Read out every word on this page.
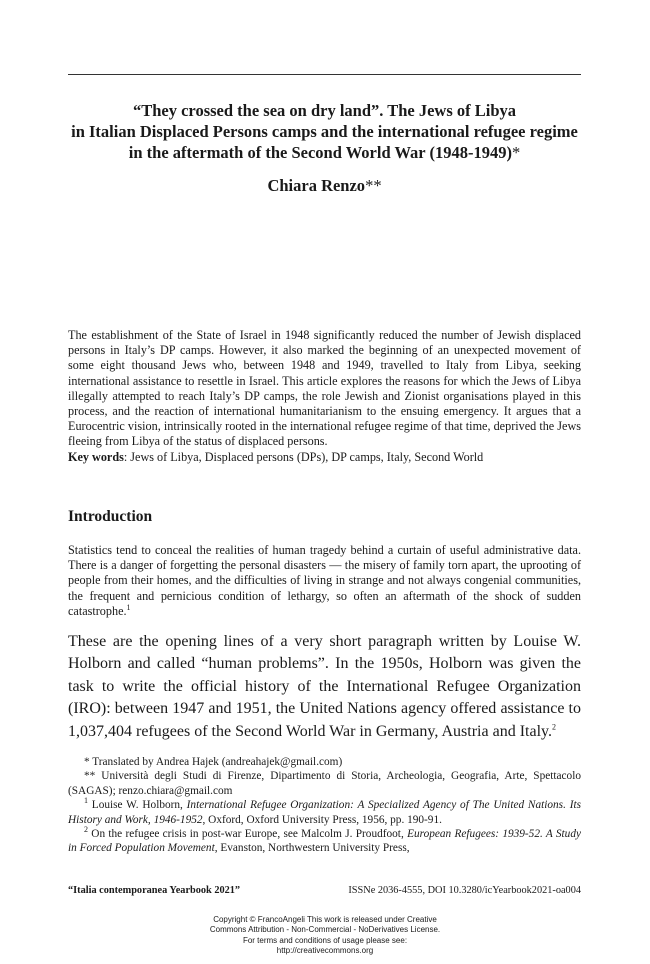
“They crossed the sea on dry land”. The Jews of Libya
in Italian Displaced Persons camps and the international refugee regime
in the aftermath of the Second World War (1948-1949)*
Chiara Renzo**

The establishment of the State of Israel in 1948 significantly reduced the number of Jewish displaced persons in Italy’s DP camps. However, it also marked the beginning of an unexpected movement of some eight thousand Jews who, between 1948 and 1949, travelled to Italy from Libya, seeking international assistance to resettle in Israel. This article explores the reasons for which the Jews of Libya illegally attempted to reach Italy’s DP camps, the role Jewish and Zionist organisations played in this process, and the reaction of international humanitarianism to the ensuing emergency. It argues that a Eurocentric vision, intrinsically rooted in the international refugee regime of that time, deprived the Jews fleeing from Libya of the status of displaced persons.

Key words: Jews of Libya, Displaced persons (DPs), DP camps, Italy, Second World

Introduction

Statistics tend to conceal the realities of human tragedy behind a curtain of useful administrative data. There is a danger of forgetting the personal disasters — the misery of family torn apart, the uprooting of people from their homes, and the difficulties of living in strange and not always congenial communities, the frequent and pernicious condition of lethargy, so often an aftermath of the shock of sudden catastrophe.$^1$

These are the opening lines of a very short paragraph written by Louise W. Holborn and called “human problems”. In the 1950s, Holborn was given the task to write the official history of the International Refugee Organization (IRO): between 1947 and 1951, the United Nations agency offered assistance to 1,037,404 refugees of the Second World War in Germany, Austria and Italy.$^2$

* Translated by Andrea Hajek (andreahajek@gmail.com)

** Università degli Studi di Firenze, Dipartimento di Storia, Archeologia, Geografia, Arte, Spettacolo (SAGAS); renzo.chiara@gmail.com

$^1$ Louise W. Holborn, International Refugee Organization: A Specialized Agency of The United Nations. Its History and Work, 1946-1952, Oxford, Oxford University Press, 1956, pp. 190-91.

$^2$ On the refugee crisis in post-war Europe, see Malcolm J. Proudfoot, European Refugees: 1939-52. A Study in Forced Population Movement, Evanston, Northwestern University Press,

“Italia contemporanea Yearbook 2021”	ISSNe 2036-4555, DOI 10.3280/icYearbook2021-oa004
Copyright © FrancoAngeli This work is released under Creative
Commons Attribution - Non-Commercial - NoDerivatives License.
For terms and conditions of usage please see:
http://creativecommons.org
